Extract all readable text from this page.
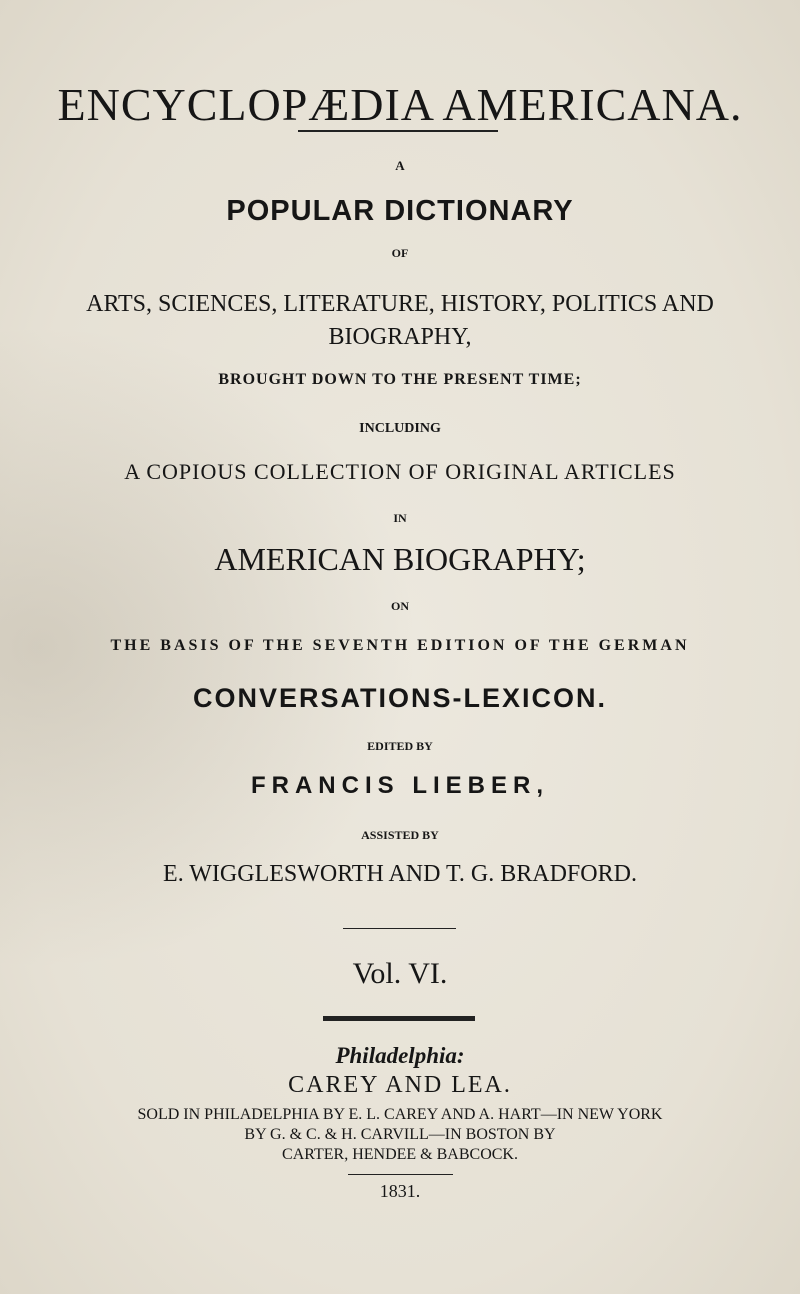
ENCYCLOPÆDIA AMERICANA.
A
POPULAR DICTIONARY
OF
ARTS, SCIENCES, LITERATURE, HISTORY, POLITICS AND
BIOGRAPHY,
BROUGHT DOWN TO THE PRESENT TIME;
INCLUDING
A COPIOUS COLLECTION OF ORIGINAL ARTICLES
IN
AMERICAN BIOGRAPHY;
ON
THE BASIS OF THE SEVENTH EDITION OF THE GERMAN
CONVERSATIONS-LEXICON.
EDITED BY
FRANCIS LIEBER,
ASSISTED BY
E. WIGGLESWORTH AND T. G. BRADFORD.
Vol. VI.
Philadelphia:
CAREY AND LEA.
SOLD IN PHILADELPHIA BY E. L. CAREY AND A. HART—IN NEW YORK
BY G. & C. & H. CARVILL—IN BOSTON BY
CARTER, HENDEE & BABCOCK.
1831.
